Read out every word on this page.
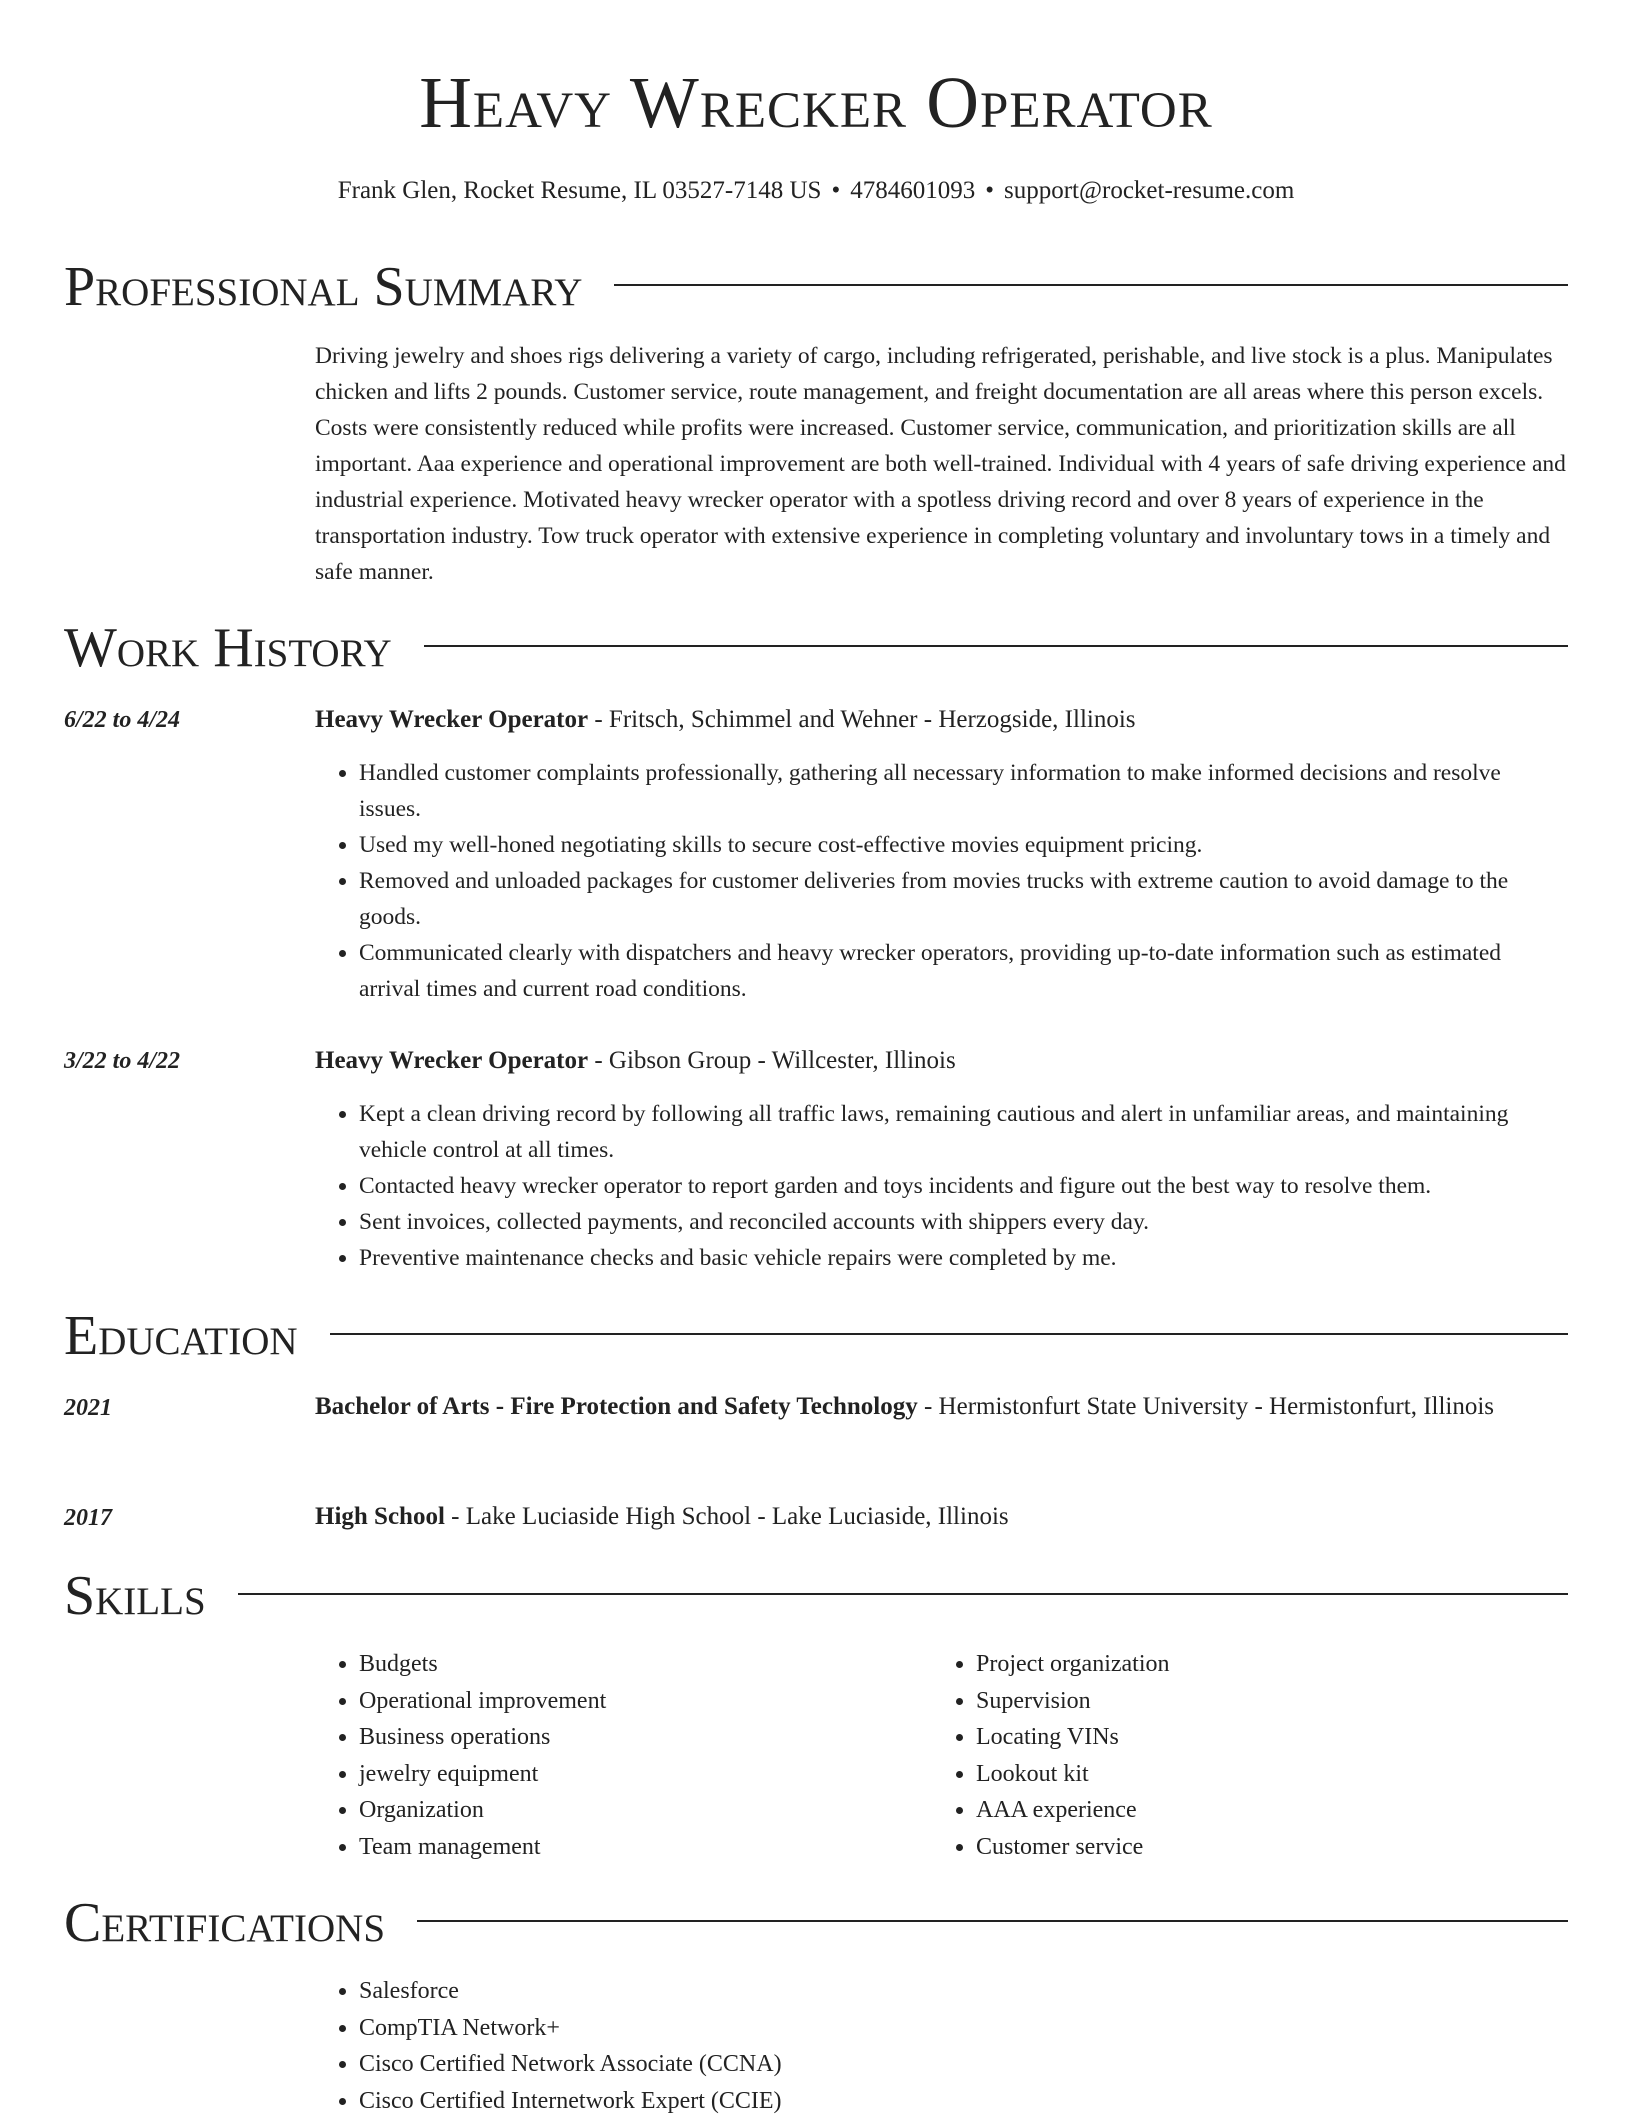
Heavy Wrecker Operator
Frank Glen, Rocket Resume, IL 03527-7148 US • 4784601093 • support@rocket-resume.com
Professional Summary

Driving jewelry and shoes rigs delivering a variety of cargo, including refrigerated, perishable, and live stock is a plus. Manipulates chicken and lifts 2 pounds. Customer service, route management, and freight documentation are all areas where this person excels. Costs were consistently reduced while profits were increased. Customer service, communication, and prioritization skills are all important. Aaa experience and operational improvement are both well-trained. Individual with 4 years of safe driving experience and industrial experience. Motivated heavy wrecker operator with a spotless driving record and over 8 years of experience in the transportation industry. Tow truck operator with extensive experience in completing voluntary and involuntary tows in a timely and safe manner.

Work History
6/22 to 4/24	Heavy Wrecker Operator - Fritsch, Schimmel and Wehner - Herzogside, Illinois
• Handled customer complaints professionally, gathering all necessary information to make informed decisions and resolve issues.
• Used my well-honed negotiating skills to secure cost-effective movies equipment pricing.
• Removed and unloaded packages for customer deliveries from movies trucks with extreme caution to avoid damage to the goods.
• Communicated clearly with dispatchers and heavy wrecker operators, providing up-to-date information such as estimated arrival times and current road conditions.
3/22 to 4/22	Heavy Wrecker Operator - Gibson Group - Willcester, Illinois
• Kept a clean driving record by following all traffic laws, remaining cautious and alert in unfamiliar areas, and maintaining vehicle control at all times.
• Contacted heavy wrecker operator to report garden and toys incidents and figure out the best way to resolve them.
• Sent invoices, collected payments, and reconciled accounts with shippers every day.
• Preventive maintenance checks and basic vehicle repairs were completed by me.
Education
2021	Bachelor of Arts - Fire Protection and Safety Technology - Hermistonfurt State University - Hermistonfurt, Illinois
2017	High School - Lake Luciaside High School - Lake Luciaside, Illinois
Skills
• Budgets
• Operational improvement
• Business operations
• jewelry equipment
• Organization
• Team management
• Project organization
• Supervision
• Locating VINs
• Lookout kit
• AAA experience
• Customer service
Certifications
• Salesforce
• CompTIA Network+
• Cisco Certified Network Associate (CCNA)
• Cisco Certified Internetwork Expert (CCIE)
